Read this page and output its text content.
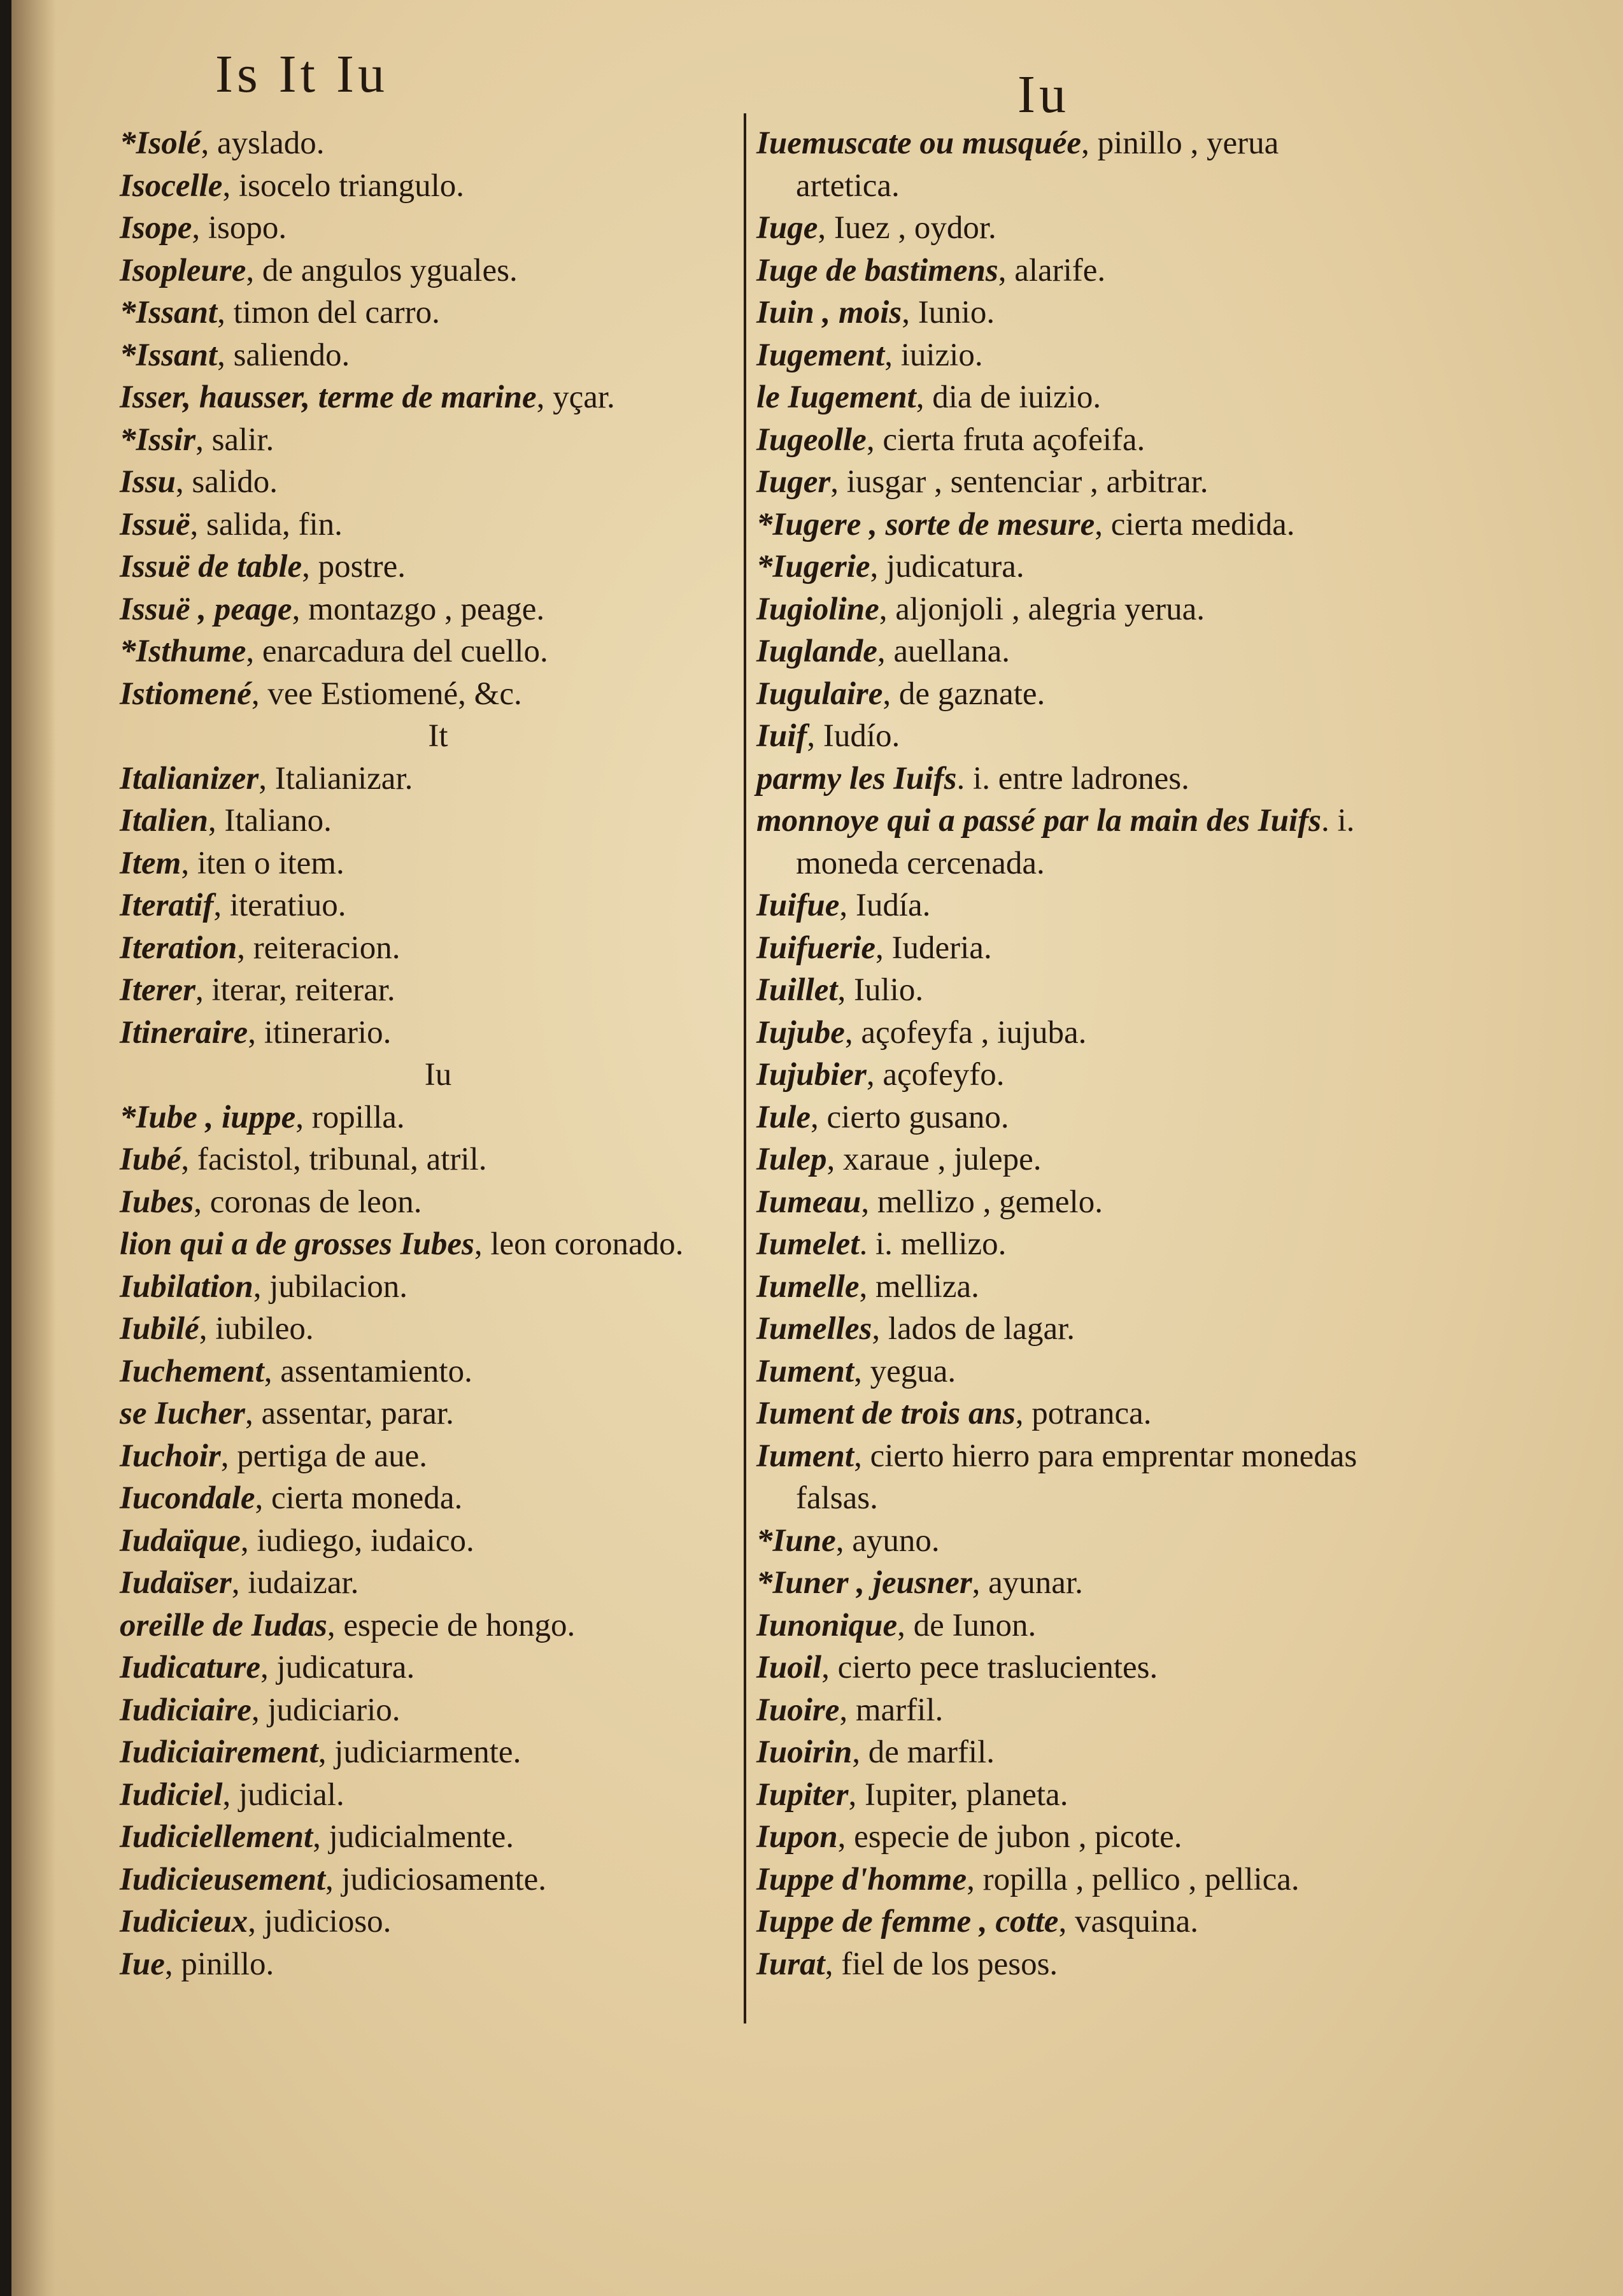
Is It Iu	Iu
*Isolé, ayslado.
Isocelle, isocelo triangulo.
Isope, isopo.
Isopleure, de angulos yguales.
*Issant, timon del carro.
*Issant, saliendo.
Isser, hausser, terme de marine, yçar.
*Issir, salir.
Issu, salido.
Issuë, salida, fin.
Issuë de table, postre.
Issuë , peage, montazgo , peage.
*Isthume, enarcadura del cuello.
Istiomené, vee Estiomené, &c.
It
Italianizer, Italianizar.
Italien, Italiano.
Item, iten o item.
Iteratif, iteratiuo.
Iteration, reiteracion.
Iterer, iterar, reiterar.
Itineraire, itinerario.
Iu
*Iube , iuppe, ropilla.
Iubé, facistol, tribunal, atril.
Iubes, coronas de leon.
lion qui a de grosses Iubes, leon coronado.
Iubilation, jubilacion.
Iubilé, iubileo.
Iuchement, assentamiento.
se Iucher, assentar, parar.
Iuchoir, pertiga de aue.
Iucondale, cierta moneda.
Iudaïque, iudiego, iudaico.
Iudaïser, iudaizar.
oreille de Iudas, especie de hongo.
Iudicature, judicatura.
Iudiciaire, judiciario.
Iudiciairement, judiciarmente.
Iudiciel, judicial.
Iudiciellement, judicialmente.
Iudicieusement, judiciosamente.
Iudicieux, judicioso.
Iue, pinillo.
Iuemuscate ou musquée, pinillo , yerua artetica.
Iuge, Iuez , oydor.
Iuge de bastimens, alarife.
Iuin , mois, Iunio.
Iugement, iuizio.
le Iugement, dia de iuizio.
Iugeolle, cierta fruta açofeifa.
Iuger, iusgar , sentenciar , arbitrar.
*Iugere , sorte de mesure, cierta medida.
*Iugerie, judicatura.
Iugioline, aljonjoli , alegria yerua.
Iuglande, auellana.
Iugulaire, de gaznate.
Iuif, Iudío.
parmy les Iuifs. i. entre ladrones.
monnoye qui a passé par la main des Iuifs. i. moneda cercenada.
Iuifue, Iudía.
Iuifuerie, Iuderia.
Iuillet, Iulio.
Iujube, açofeyfa , iujuba.
Iujubier, açofeyfo.
Iule, cierto gusano.
Iulep, xaraue , julepe.
Iumeau, mellizo , gemelo.
Iumelet. i. mellizo.
Iumelle, melliza.
Iumelles, lados de lagar.
Iument, yegua.
Iument de trois ans, potranca.
Iument, cierto hierro para emprentar monedas falsas.
*Iune, ayuno.
*Iuner , jeusner, ayunar.
Iunonique, de Iunon.
Iuoil, cierto pece traslucientes.
Iuoire, marfil.
Iuoirin, de marfil.
Iupiter, Iupiter, planeta.
Iupon, especie de jubon , picote.
Iuppe d'homme, ropilla , pellico , pellica.
Iuppe de femme , cotte, vasquina.
Iurat, fiel de los pesos.
